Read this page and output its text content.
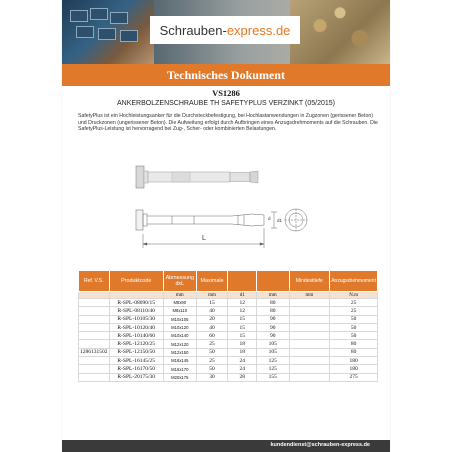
Schrauben-express.de
Technisches Dokument
VS1286
ANKERBOLZENSCHRAUBE TH SAFETYPLUS VERZINKT (05/2015)
SafetyPlus ist ein Hochleistungsanker für die Durchsteckbefestigung, bei Hochlastanwendungen in Zugzonen (gerissener Beton) und Druckzonen (ungerissener Beton). Die Aufweitung erfolgt durch Aufbringen eines Anzugsdrehmoments auf die Schrauben. Die SafetyPlus-Leistung ist hervorragend bei Zug-, Scher- oder kombinierten Belastungen.
L
d1
d
Ref. V.S.	Produktcode	Abmessung dxL	Maximale			Mindesttiefe	Anzugsdrehmoment
		mm	mm	d1	mm	mm	N.m
	R-SPL-08090/15	M8x90	15	12	80		25
	R-SPL-08110/40	M8x110	40	12	80		25
	R-SPL-10105/30	M10x105	20	15	90		50
	R-SPL-10120/40	M10x120	40	15	90		50
	R-SPL-10140/60	M10x140	60	15	90		50
	R-SPL-12120/25	M12x120	25	18	105		80
1286131502	R-SPL-12150/50	M12x150	50	18	105		80
	R-SPL-16145/25	M16x145	25	24	125		180
	R-SPL-16170/50	M16x170	50	24	125		180
	R-SPL-20175/30	M20x175	30	28	155		275
kundendienst@schrauben-express.de
